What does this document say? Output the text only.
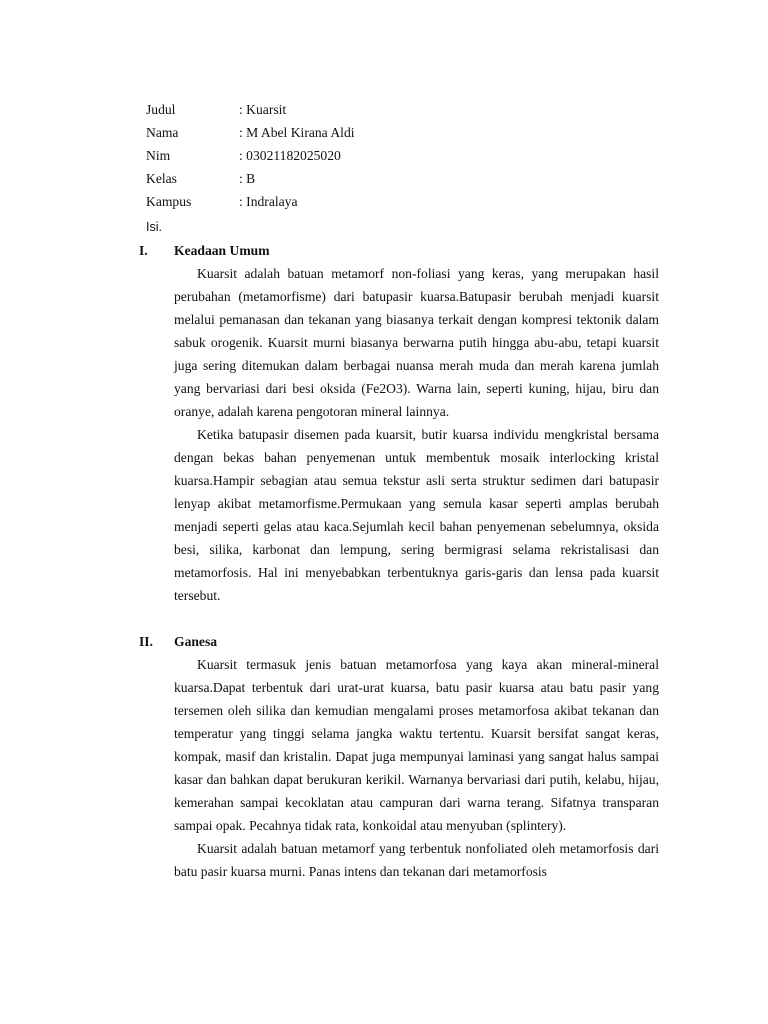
Judul	: Kuarsit
Nama	: M Abel Kirana Aldi
Nim	: 03021182025020
Kelas	: B
Kampus	: Indralaya
Isi.
I. Keadaan Umum

Kuarsit adalah batuan metamorf non-foliasi yang keras, yang merupakan hasil perubahan (metamorfisme) dari batupasir kuarsa.Batupasir berubah menjadi kuarsit melalui pemanasan dan tekanan yang biasanya terkait dengan kompresi tektonik dalam sabuk orogenik. Kuarsit murni biasanya berwarna putih hingga abu-abu, tetapi kuarsit juga sering ditemukan dalam berbagai nuansa merah muda dan merah karena jumlah yang bervariasi dari besi oksida (Fe2O3). Warna lain, seperti kuning, hijau, biru dan oranye, adalah karena pengotoran mineral lainnya.

Ketika batupasir disemen pada kuarsit, butir kuarsa individu mengkristal bersama dengan bekas bahan penyemenan untuk membentuk mosaik interlocking kristal kuarsa.Hampir sebagian atau semua tekstur asli serta struktur sedimen dari batupasir lenyap akibat metamorfisme.Permukaan yang semula kasar seperti amplas berubah menjadi seperti gelas atau kaca.Sejumlah kecil bahan penyemenan sebelumnya, oksida besi, silika, karbonat dan lempung, sering bermigrasi selama rekristalisasi dan metamorfosis. Hal ini menyebabkan terbentuknya garis-garis dan lensa pada kuarsit tersebut.

II. Ganesa

Kuarsit termasuk jenis batuan metamorfosa yang kaya akan mineral-mineral kuarsa.Dapat terbentuk dari urat-urat kuarsa, batu pasir kuarsa atau batu pasir yang tersemen oleh silika dan kemudian mengalami proses metamorfosa akibat tekanan dan temperatur yang tinggi selama jangka waktu tertentu. Kuarsit bersifat sangat keras, kompak, masif dan kristalin. Dapat juga mempunyai laminasi yang sangat halus sampai kasar dan bahkan dapat berukuran kerikil. Warnanya bervariasi dari putih, kelabu, hijau, kemerahan sampai kecoklatan atau campuran dari warna terang. Sifatnya transparan sampai opak. Pecahnya tidak rata, konkoidal atau menyuban (splintery).

Kuarsit adalah batuan metamorf yang terbentuk nonfoliated oleh metamorfosis dari batu pasir kuarsa murni. Panas intens dan tekanan dari metamorfosis
